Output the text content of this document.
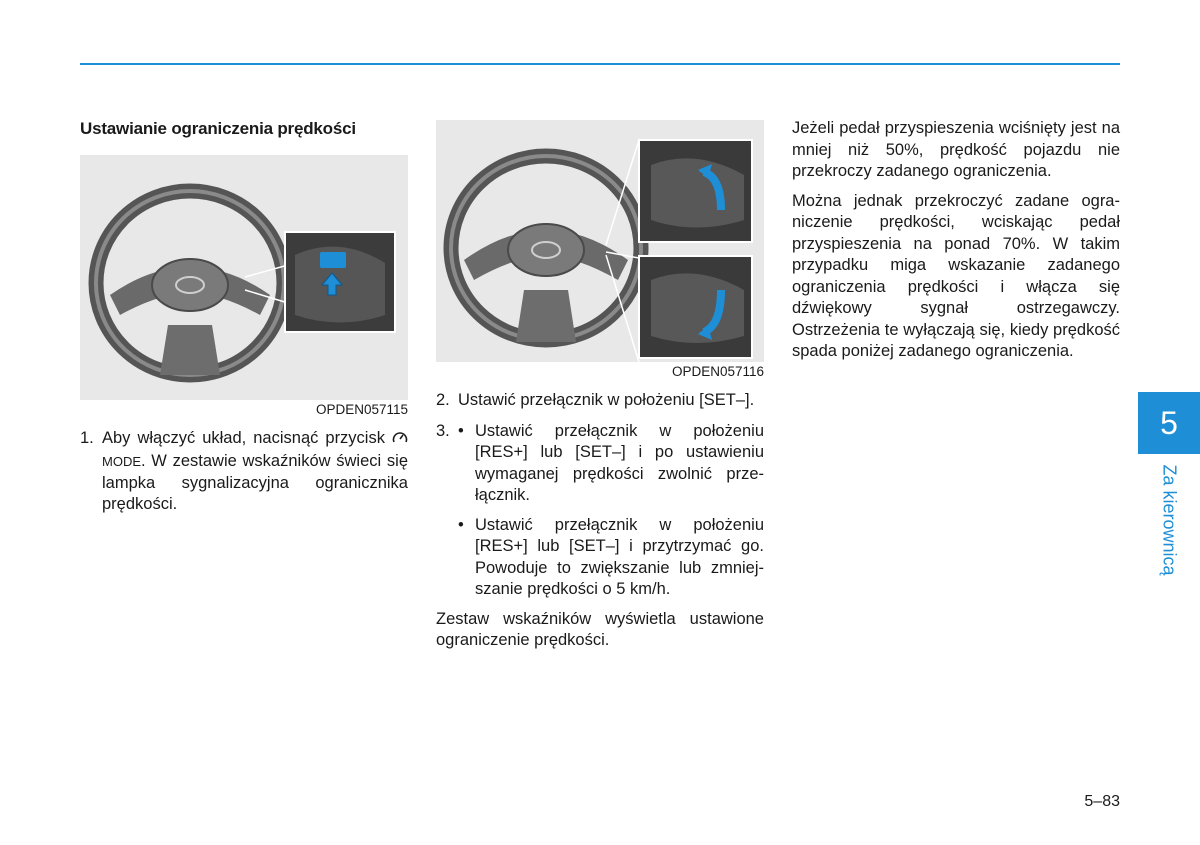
Ustawianie ograniczenia prędkości
OPDEN057115
1. Aby włączyć układ, nacisnąć przycisk MODE. W zestawie wskaźników świeci się lampka sygnalizacyjna ogranicznika prędkości.
OPDEN057116
2. Ustawić przełącznik w położeniu [SET–].
3. • Ustawić przełącznik w położeniu [RES+] lub [SET–] i po ustawieniu wymaganej prędkości zwolnić przełącznik.
• Ustawić przełącznik w położeniu [RES+] lub [SET–] i przytrzymać go. Powoduje to zwiększanie lub zmniejszanie prędkości o 5 km/h.

Zestaw wskaźników wyświetla ustawione ograniczenie prędkości.

Jeżeli pedał przyspieszenia wciśnięty jest na mniej niż 50%, prędkość pojazdu nie przekroczy zadanego ograniczenia.

Można jednak przekroczyć zadane ograniczenie prędkości, wciskając pedał przyspieszenia na ponad 70%. W takim przypadku miga wskazanie zadanego ograniczenia prędkości i włącza się dźwiękowy sygnał ostrzegawczy. Ostrzeżenia te wyłączają się, kiedy prędkość spada poniżej zadanego ograniczenia.

5
Za kierownicą
5–83
